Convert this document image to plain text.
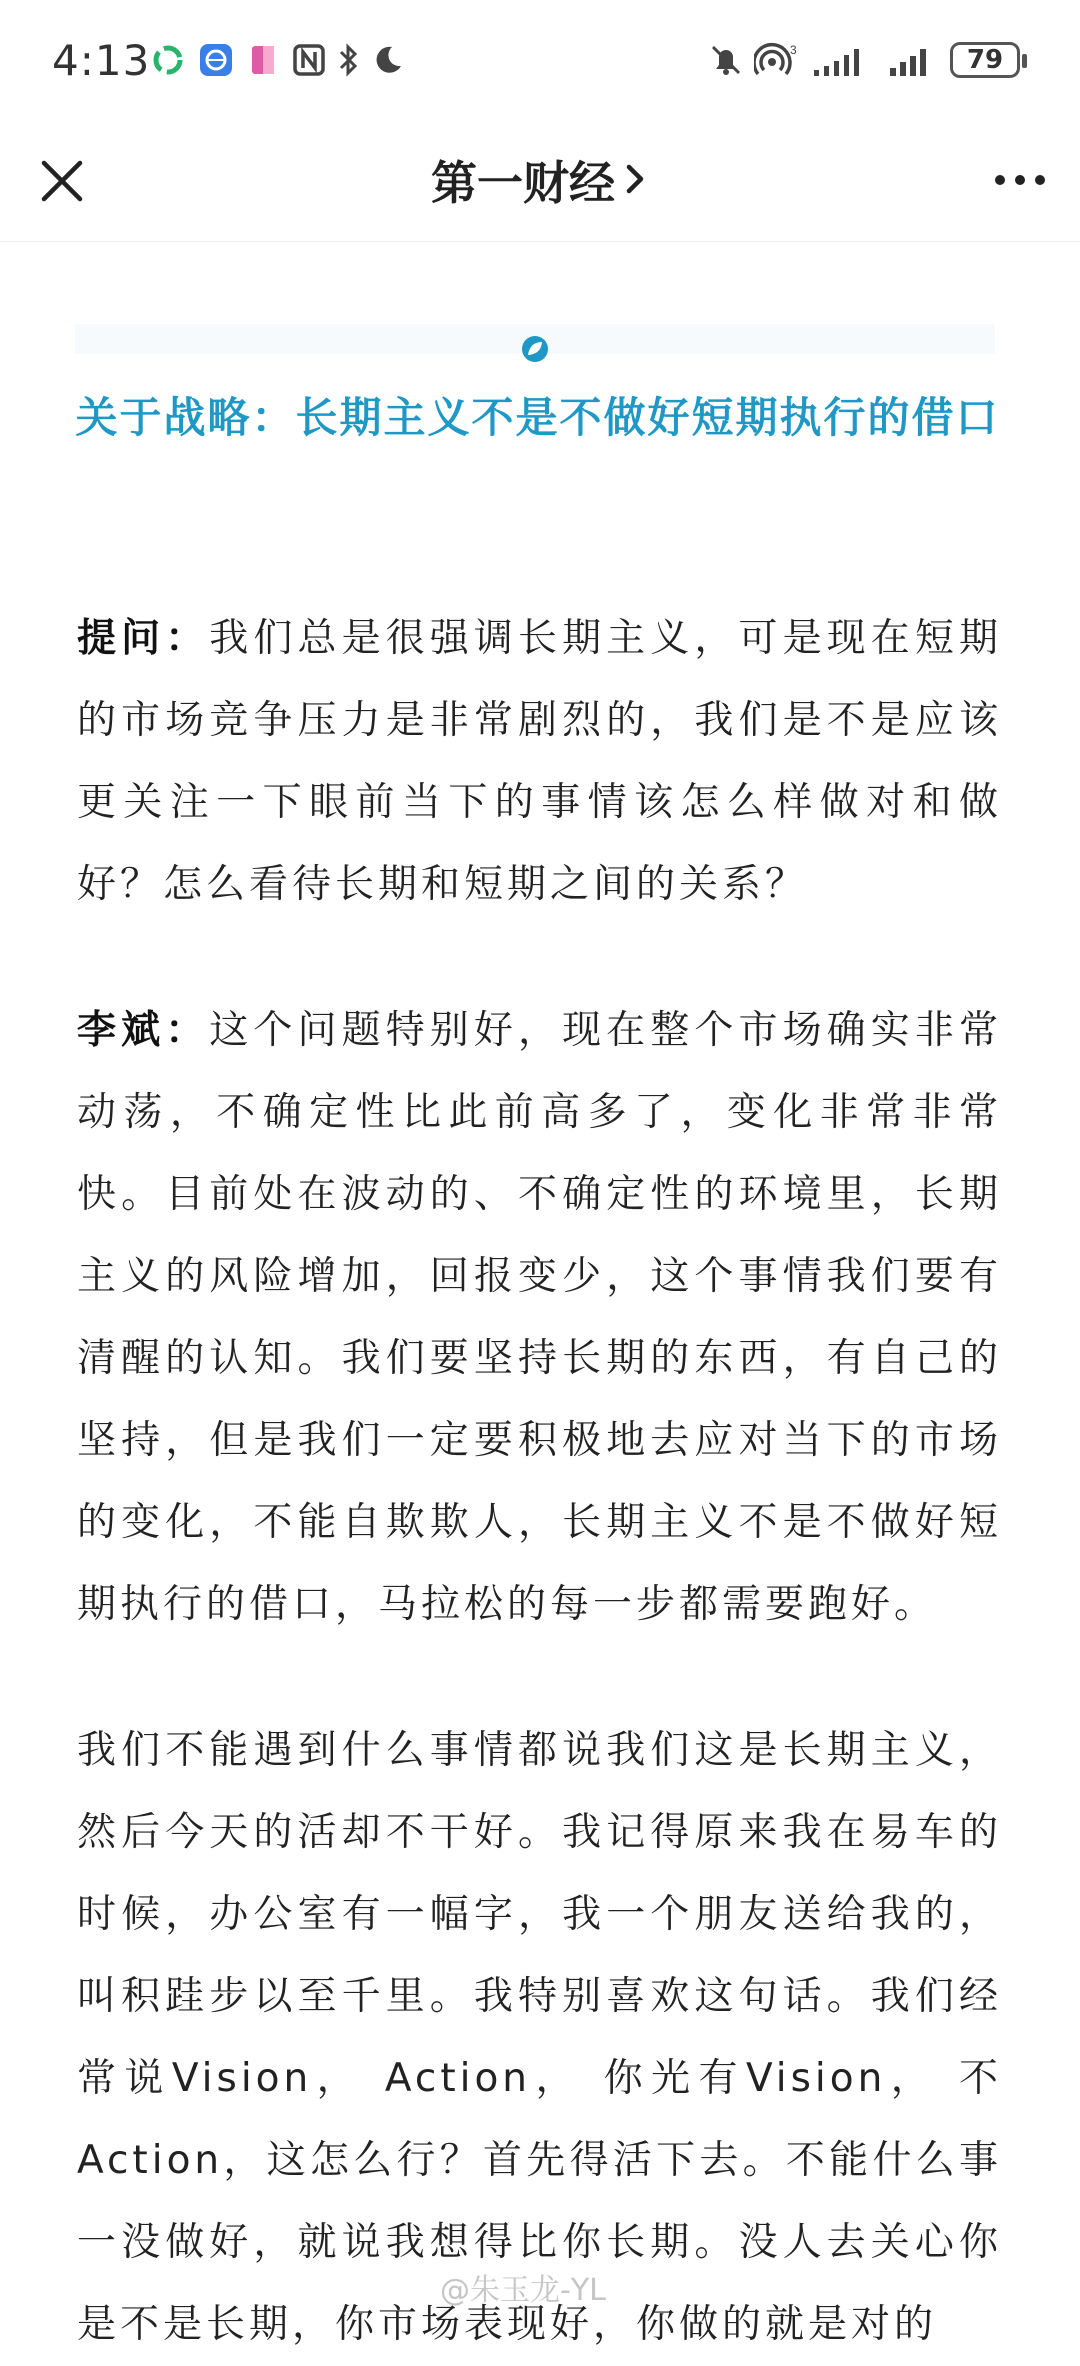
4:13	3	79
第一财经
关于战略：长期主义不是不做好短期执行的借口
提问：我们总是很强调长期主义，可是现在短期的市场竞争压力是非常剧烈的，我们是不是应该更关注一下眼前当下的事情该怎么样做对和做好？怎么看待长期和短期之间的关系？
李斌：这个问题特别好，现在整个市场确实非常动荡，不确定性比此前高多了，变化非常非常快。目前处在波动的、不确定性的环境里，长期主义的风险增加，回报变少，这个事情我们要有清醒的认知。我们要坚持长期的东西，有自己的坚持，但是我们一定要积极地去应对当下的市场的变化，不能自欺欺人，长期主义不是不做好短期执行的借口，马拉松的每一步都需要跑好。
我们不能遇到什么事情都说我们这是长期主义，然后今天的活却不干好。我记得原来我在易车的时候，办公室有一幅字，我一个朋友送给我的，叫积跬步以至千里。我特别喜欢这句话。我们经常说Vision， Action， 你光有Vision， 不Action，这怎么行？首先得活下去。不能什么事一没做好，就说我想得比你长期。没人去关心你是不是长期，你市场表现好，你做的就是对的
@朱玉龙-YL
